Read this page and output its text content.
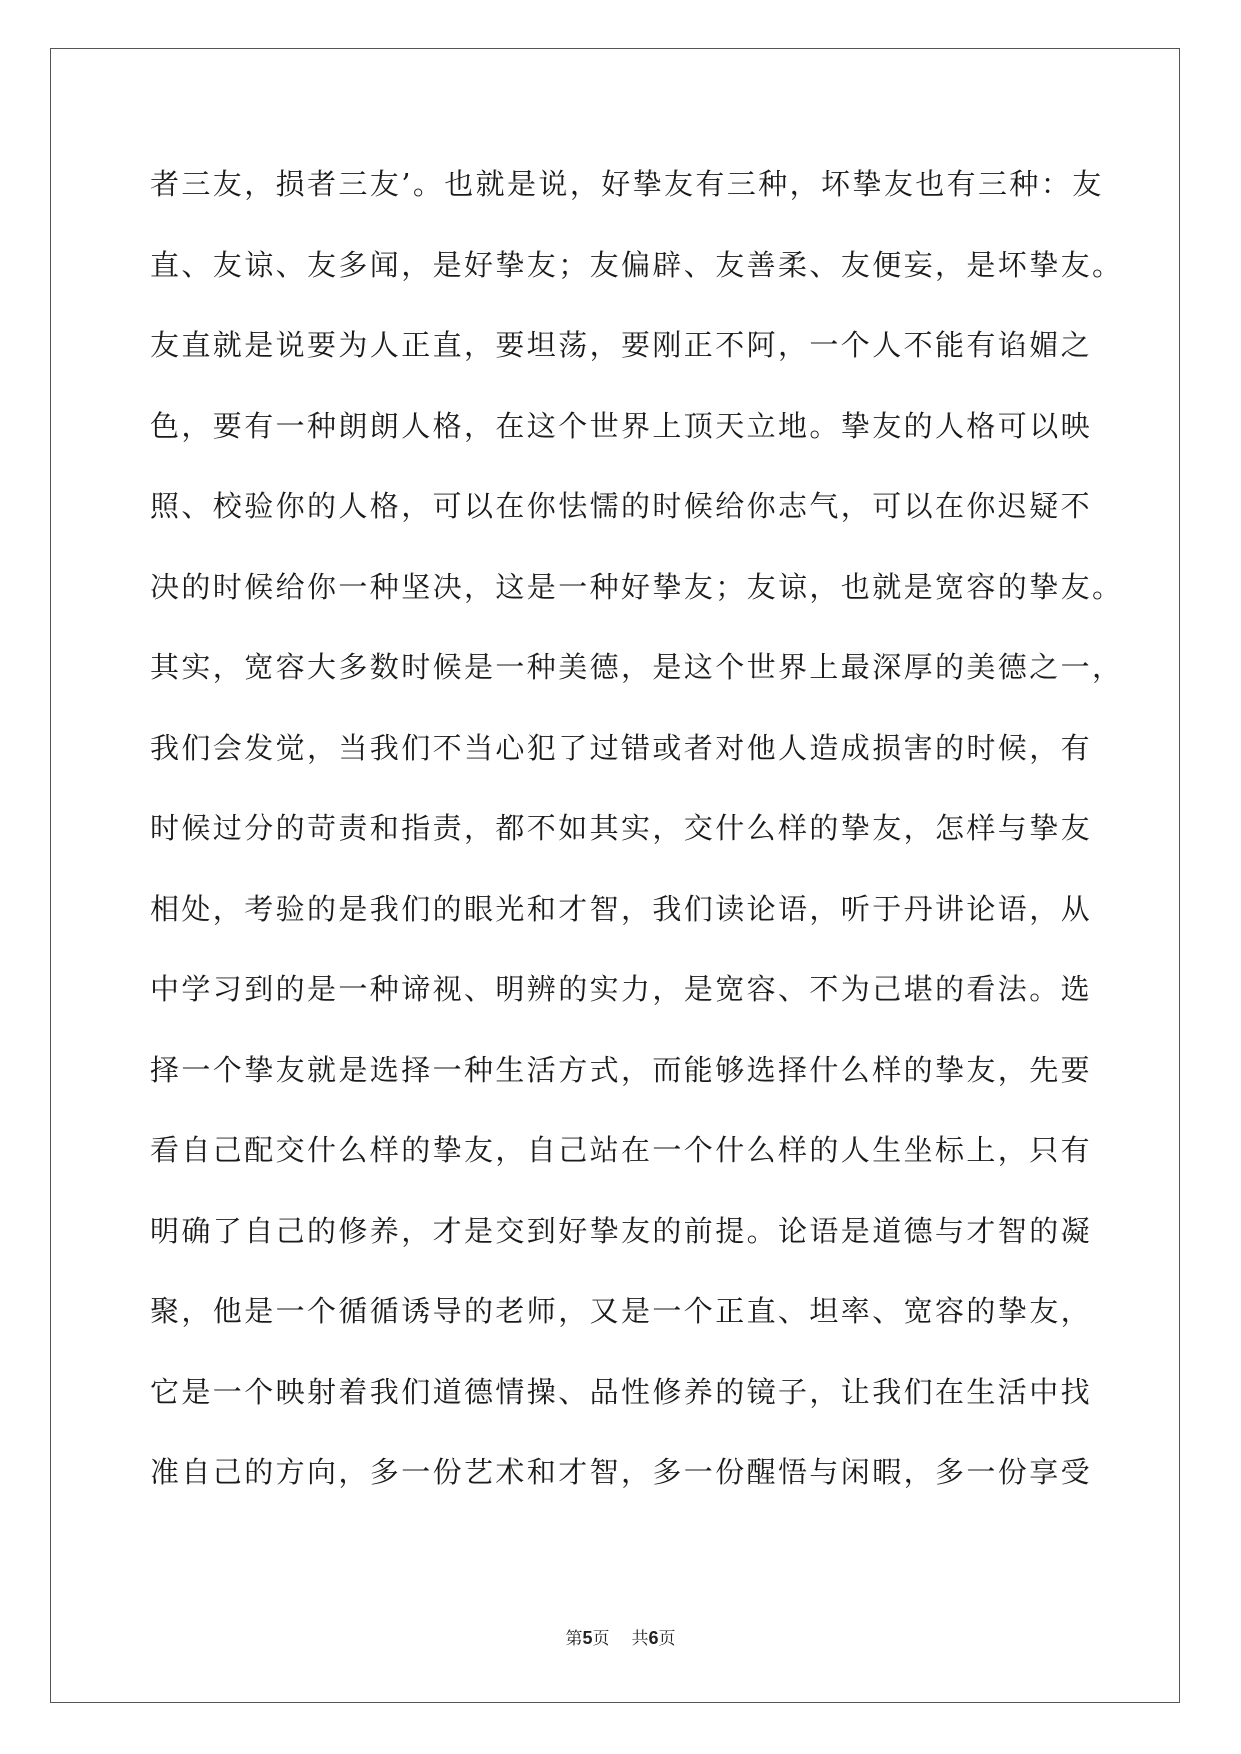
者三友，损者三友’。也就是说，好挚友有三种，坏挚友也有三种：友
直、友谅、友多闻，是好挚友；友偏辟、友善柔、友便妄，是坏挚友。
友直就是说要为人正直，要坦荡，要刚正不阿，一个人不能有谄媚之
色，要有一种朗朗人格，在这个世界上顶天立地。挚友的人格可以映
照、校验你的人格，可以在你怯懦的时候给你志气，可以在你迟疑不
决的时候给你一种坚决，这是一种好挚友；友谅，也就是宽容的挚友。
其实，宽容大多数时候是一种美德，是这个世界上最深厚的美德之一，
我们会发觉，当我们不当心犯了过错或者对他人造成损害的时候，有
时候过分的苛责和指责，都不如其实，交什么样的挚友，怎样与挚友
相处，考验的是我们的眼光和才智，我们读论语，听于丹讲论语，从
中学习到的是一种谛视、明辨的实力，是宽容、不为己堪的看法。选
择一个挚友就是选择一种生活方式，而能够选择什么样的挚友，先要
看自己配交什么样的挚友，自己站在一个什么样的人生坐标上，只有
明确了自己的修养，才是交到好挚友的前提。论语是道德与才智的凝
聚，他是一个循循诱导的老师，又是一个正直、坦率、宽容的挚友，
它是一个映射着我们道德情操、品性修养的镜子，让我们在生活中找
准自己的方向，多一份艺术和才智，多一份醒悟与闲暇，多一份享受
第5页 共6页
